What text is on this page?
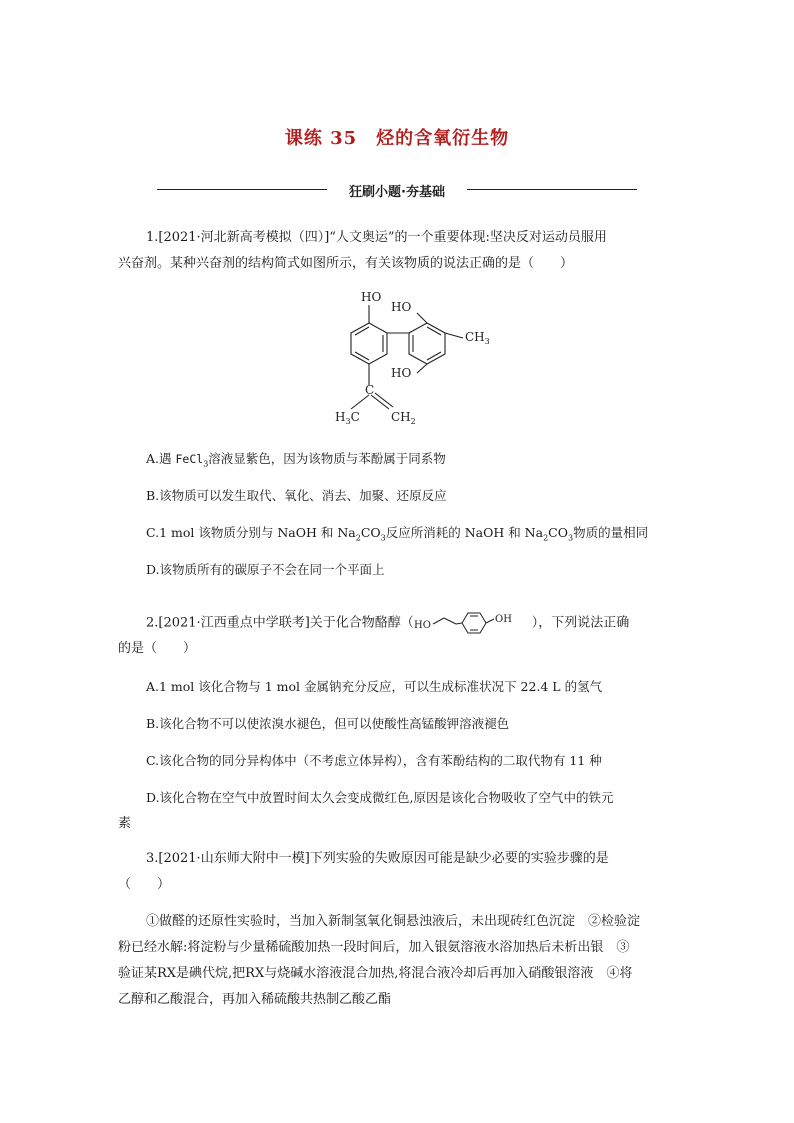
课练 35　烃的含氧衍生物
狂刷小题·夯基础
1.[2021·河北新高考模拟（四）]“人文奥运”的一个重要体现:坚决反对运动员服用
兴奋剂。某种兴奋剂的结构简式如图所示，有关该物质的说法正确的是（　　）
HO
HO
$CH_3$
HO
C
$H_3C$	$CH_2$
A.遇 FeCl$_3$溶液显紫色，因为该物质与苯酚属于同系物
B.该物质可以发生取代、氧化、消去、加聚、还原反应
C.1 mol 该物质分别与 NaOH 和 $Na_2CO_3$反应所消耗的 NaOH 和 $Na_2CO_3$物质的量相同
D.该物质所有的碳原子不会在同一个平面上
2.[2021·江西重点中学联考]关于化合物酪醇（ HO
OH ），下列说法正确
的是（　　）
A.1 mol 该化合物与 1 mol 金属钠充分反应，可以生成标准状况下 22.4 L 的氢气
B.该化合物不可以使浓溴水褪色，但可以使酸性高锰酸钾溶液褪色
C.该化合物的同分异构体中（不考虑立体异构），含有苯酚结构的二取代物有 11 种
D.该化合物在空气中放置时间太久会变成微红色,原因是该化合物吸收了空气中的铁元
素
3.[2021·山东师大附中一模]下列实验的失败原因可能是缺少必要的实验步骤的是
（　　）
①做醛的还原性实验时，当加入新制氢氧化铜悬浊液后，未出现砖红色沉淀　②检验淀
粉已经水解:将淀粉与少量稀硫酸加热一段时间后，加入银氨溶液水浴加热后未析出银　③
验证某RX是碘代烷,把RX与烧碱水溶液混合加热,将混合液冷却后再加入硝酸银溶液　④将
乙醇和乙酸混合，再加入稀硫酸共热制乙酸乙酯
